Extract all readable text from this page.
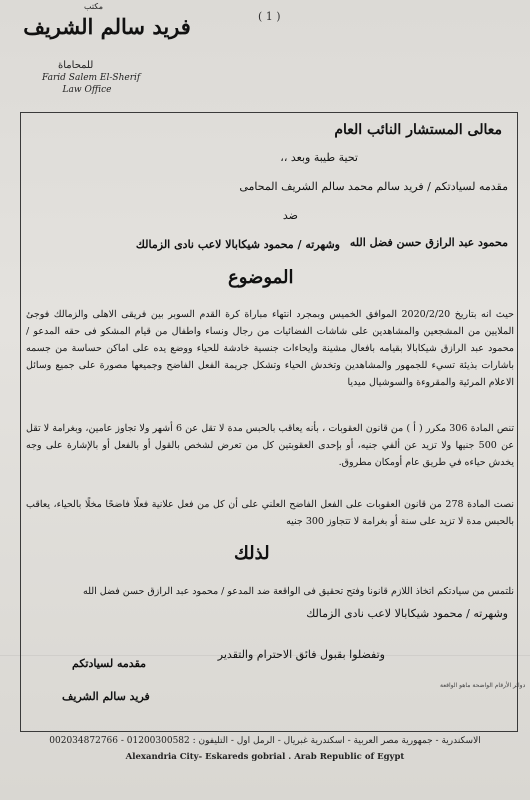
( 1 )
مكتب
فريد سالم الشريف
للمحاماة
Farid Salem El-Sherif
Law Office
معالى المستشار النائب العام
تحية طيبة وبعد ،،
مقدمه لسيادتكم / فريد سالم محمد سالم الشريف المحامى
ضد
محمود عبد الرازق حسن فضل الله
وشهرته / محمود شيكابالا لاعب نادى الزمالك
الموضوع
حيث انه بتاريخ 2020/2/20 الموافق الخميس وبمجرد انتهاء مباراة كرة القدم السوبر بين فريقى الاهلى والزمالك فوجئ الملايين من المشجعين والمشاهدين على شاشات الفضائيات من رجال ونساء واطفال من قيام المشكو فى حقه المدعو / محمود عبد الرازق شيكابالا بقيامه بافعال مشينة وايحاءات جنسية خادشة للحياء ووضع يده على اماكن حساسة من جسمه باشارات بذيئة تسيء للجمهور والمشاهدين وتخدش الحياء وتشكل جريمة الفعل الفاضح وجميعها مصورة على جميع وسائل الاعلام المرئية والمقروءة والسوشيال ميديا
تنص المادة 306 مكرر ( أ ) من قانون العقوبات ، بأنه يعاقب بالحبس مدة لا تقل عن 6 أشهر ولا تجاوز عامين، وبغرامة لا تقل عن 500 جنيها ولا تزيد عن ألفي جنيه، أو بإحدى العقوبتين كل من تعرض لشخص بالقول أو بالفعل أو بالإشارة على وجه يخدش حياءه في طريق عام أومكان مطروق.
نصت المادة 278 من قانون العقوبات على الفعل الفاضح العلني على أن كل من فعل علانية فعلًا فاضحًا مخلًا بالحياء، يعاقب بالحبس مدة لا تزيد على سنة أو بغرامة لا تتجاوز 300 جنيه
لذلك
نلتمس من سيادتكم اتخاذ اللازم قانونا وفتح تحقيق فى الواقعة ضد المدعو / محمود عبد الرازق حسن فضل الله
وشهرته / محمود شيكابالا لاعب نادى الزمالك
وتفضلوا بقبول فائق الاحترام والتقدير
مقدمه لسيادتكم
فريد سالم الشريف
دوائر الأرقام الواضحة ماهو الواقعة
الاسكندرية - جمهورية مصر العربية - اسكندرية غبريال - الرمل اول - التليفون : 01200300582 - 002034872766
Alexandria City- Eskareds gobrial . Arab Republic of Egypt
